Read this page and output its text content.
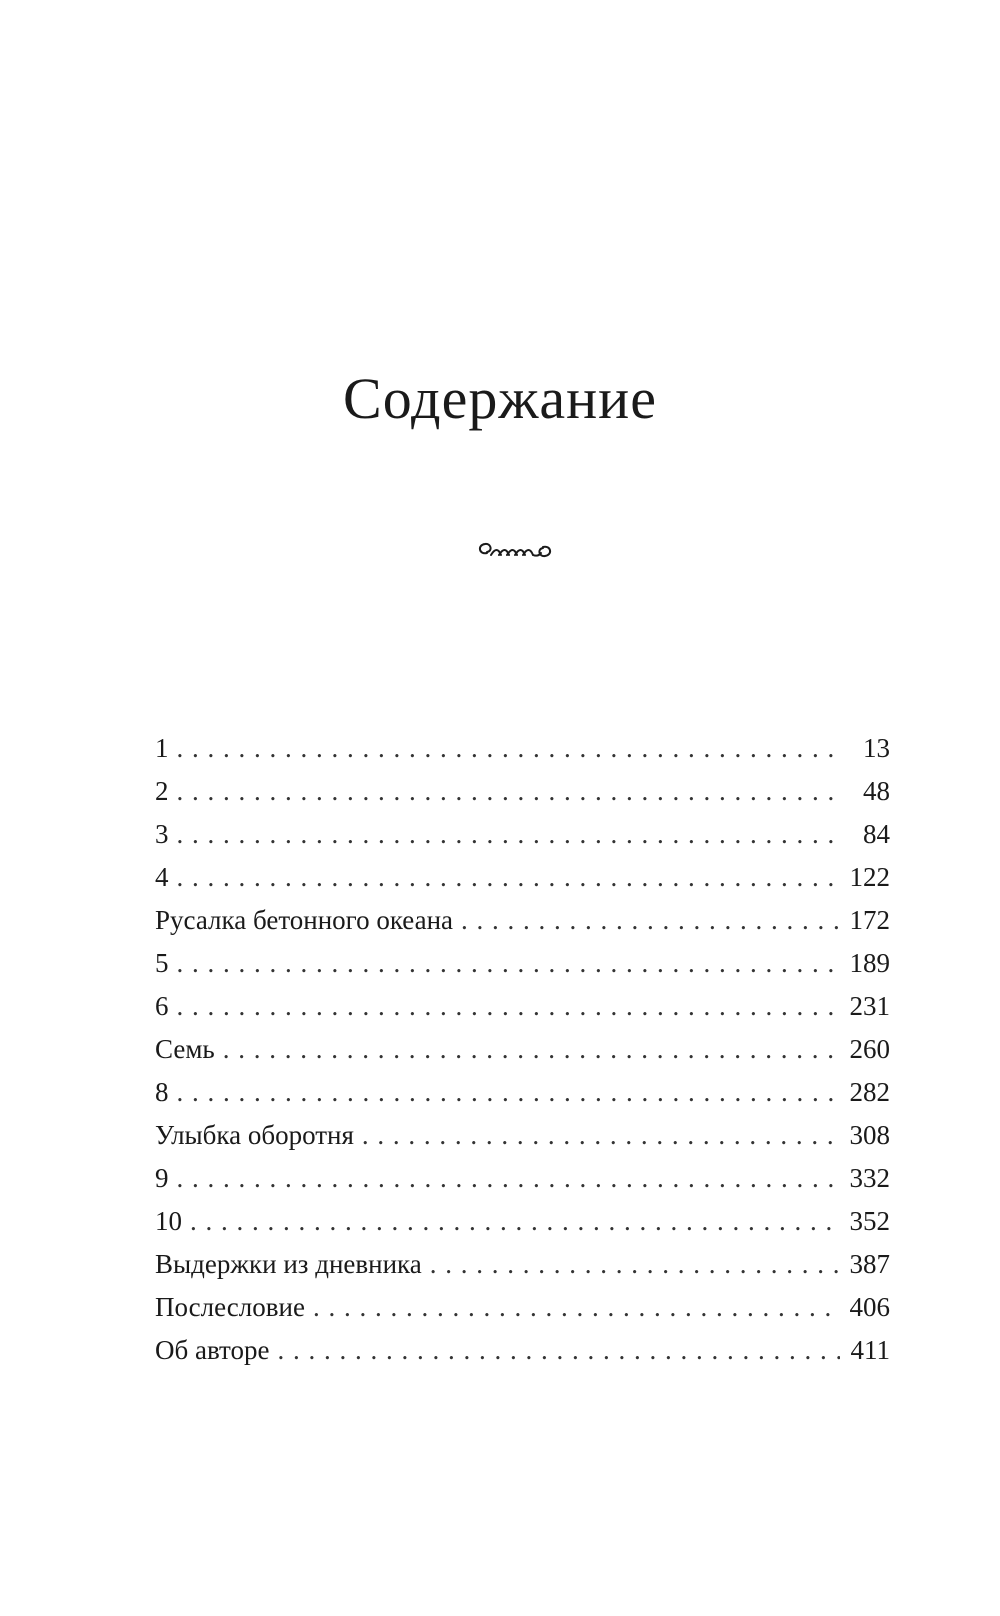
Содержание
1 . . .	13
2 . . .	48
3 . . .	84
4 . . .	122
Русалка бетонного океана . . .	172
5 . . .	189
6 . . .	231
Семь . . .	260
8 . . .	282
Улыбка оборотня . . .	308
9 . . .	332
10 . . .	352
Выдержки из дневника . . .	387
Послесловие . . .	406
Об авторе . . .	411
